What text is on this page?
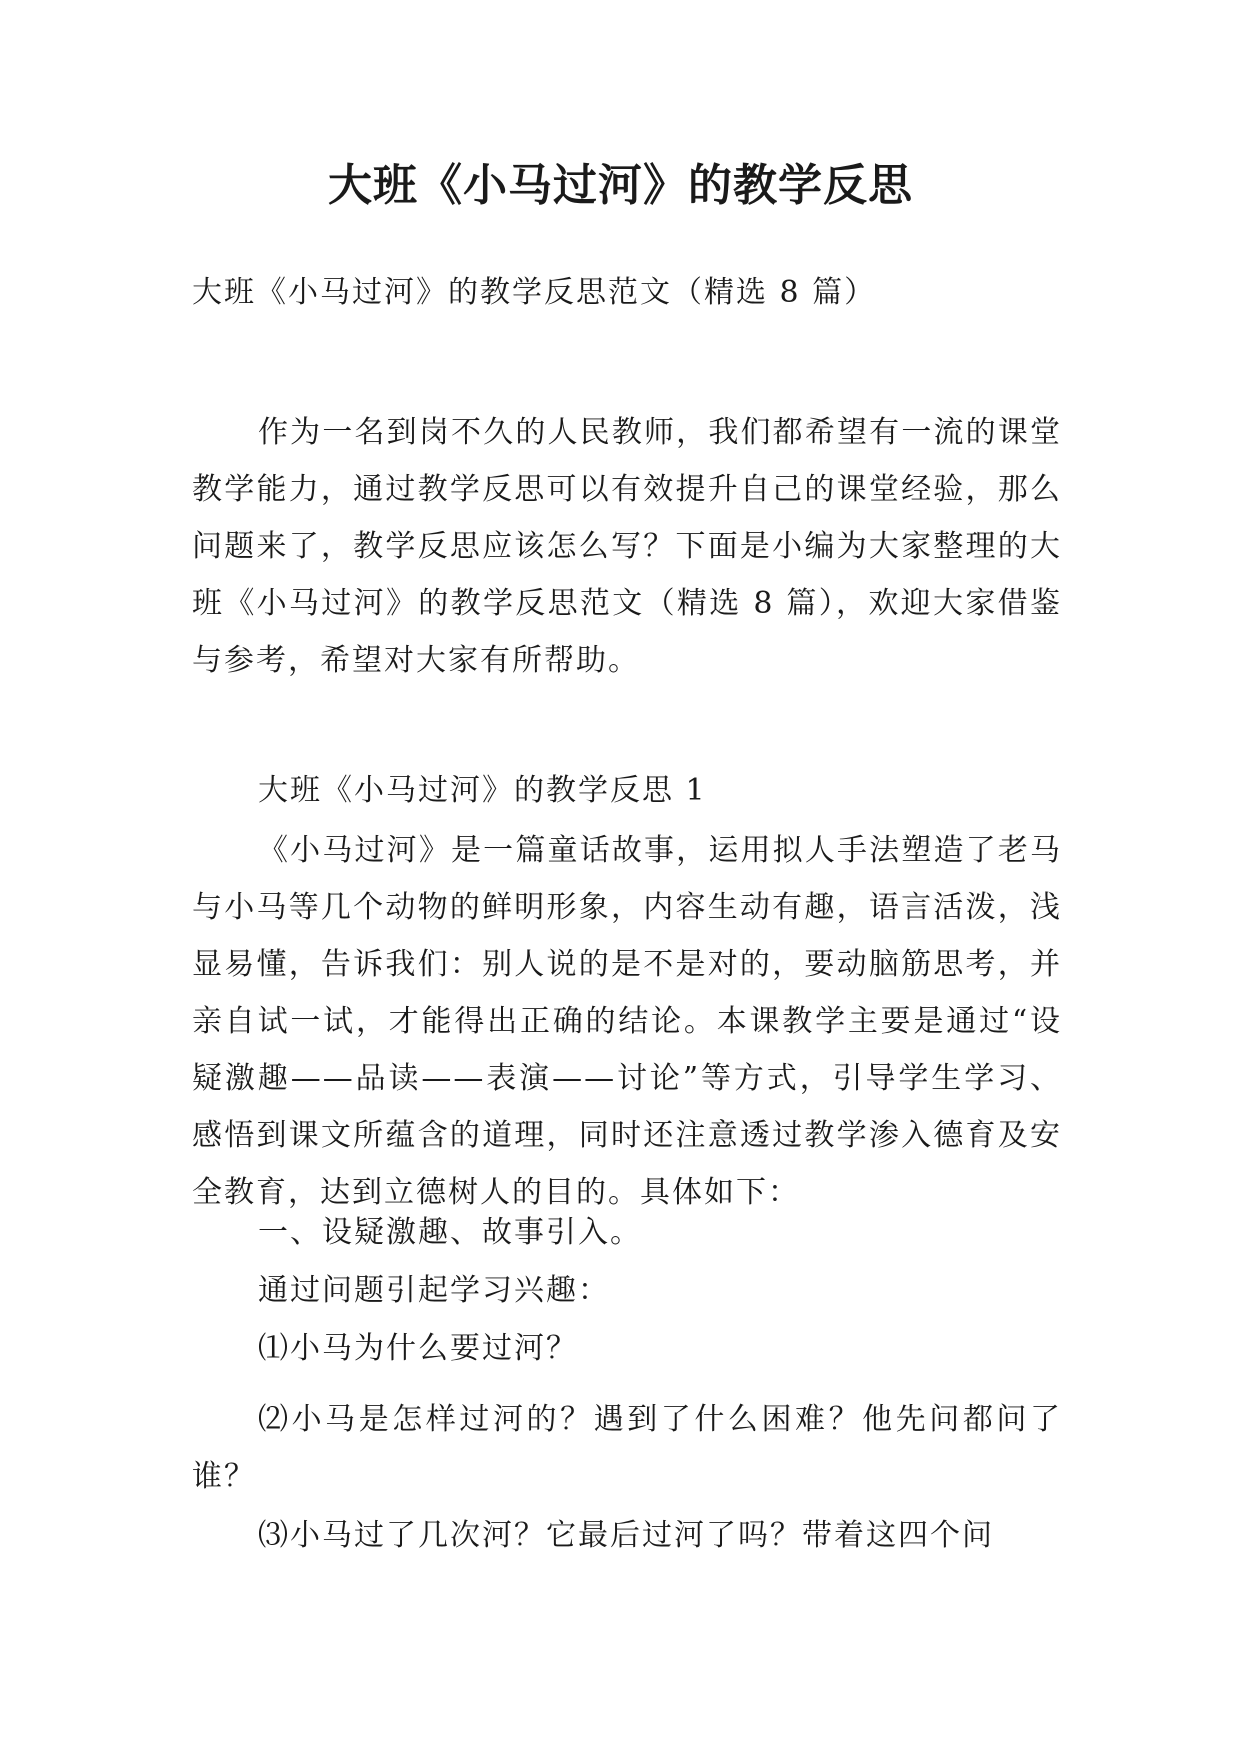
大班《小马过河》的教学反思

大班《小马过河》的教学反思范文（精选 8 篇）

作为一名到岗不久的人民教师，我们都希望有一流的课堂教学能力，通过教学反思可以有效提升自己的课堂经验，那么问题来了，教学反思应该怎么写？下面是小编为大家整理的大班《小马过河》的教学反思范文（精选 8 篇），欢迎大家借鉴与参考，希望对大家有所帮助。

大班《小马过河》的教学反思 1

《小马过河》是一篇童话故事，运用拟人手法塑造了老马与小马等几个动物的鲜明形象，内容生动有趣，语言活泼，浅显易懂，告诉我们：别人说的是不是对的，要动脑筋思考，并亲自试一试，才能得出正确的结论。本课教学主要是通过“设疑激趣——品读——表演——讨论”等方式，引导学生学习、感悟到课文所蕴含的道理，同时还注意透过教学渗入德育及安全教育，达到立德树人的目的。具体如下：

一、设疑激趣、故事引入。

通过问题引起学习兴趣：

⑴小马为什么要过河？

⑵小马是怎样过河的？遇到了什么困难？他先问都问了谁？

⑶小马过了几次河？它最后过河了吗？带着这四个问
